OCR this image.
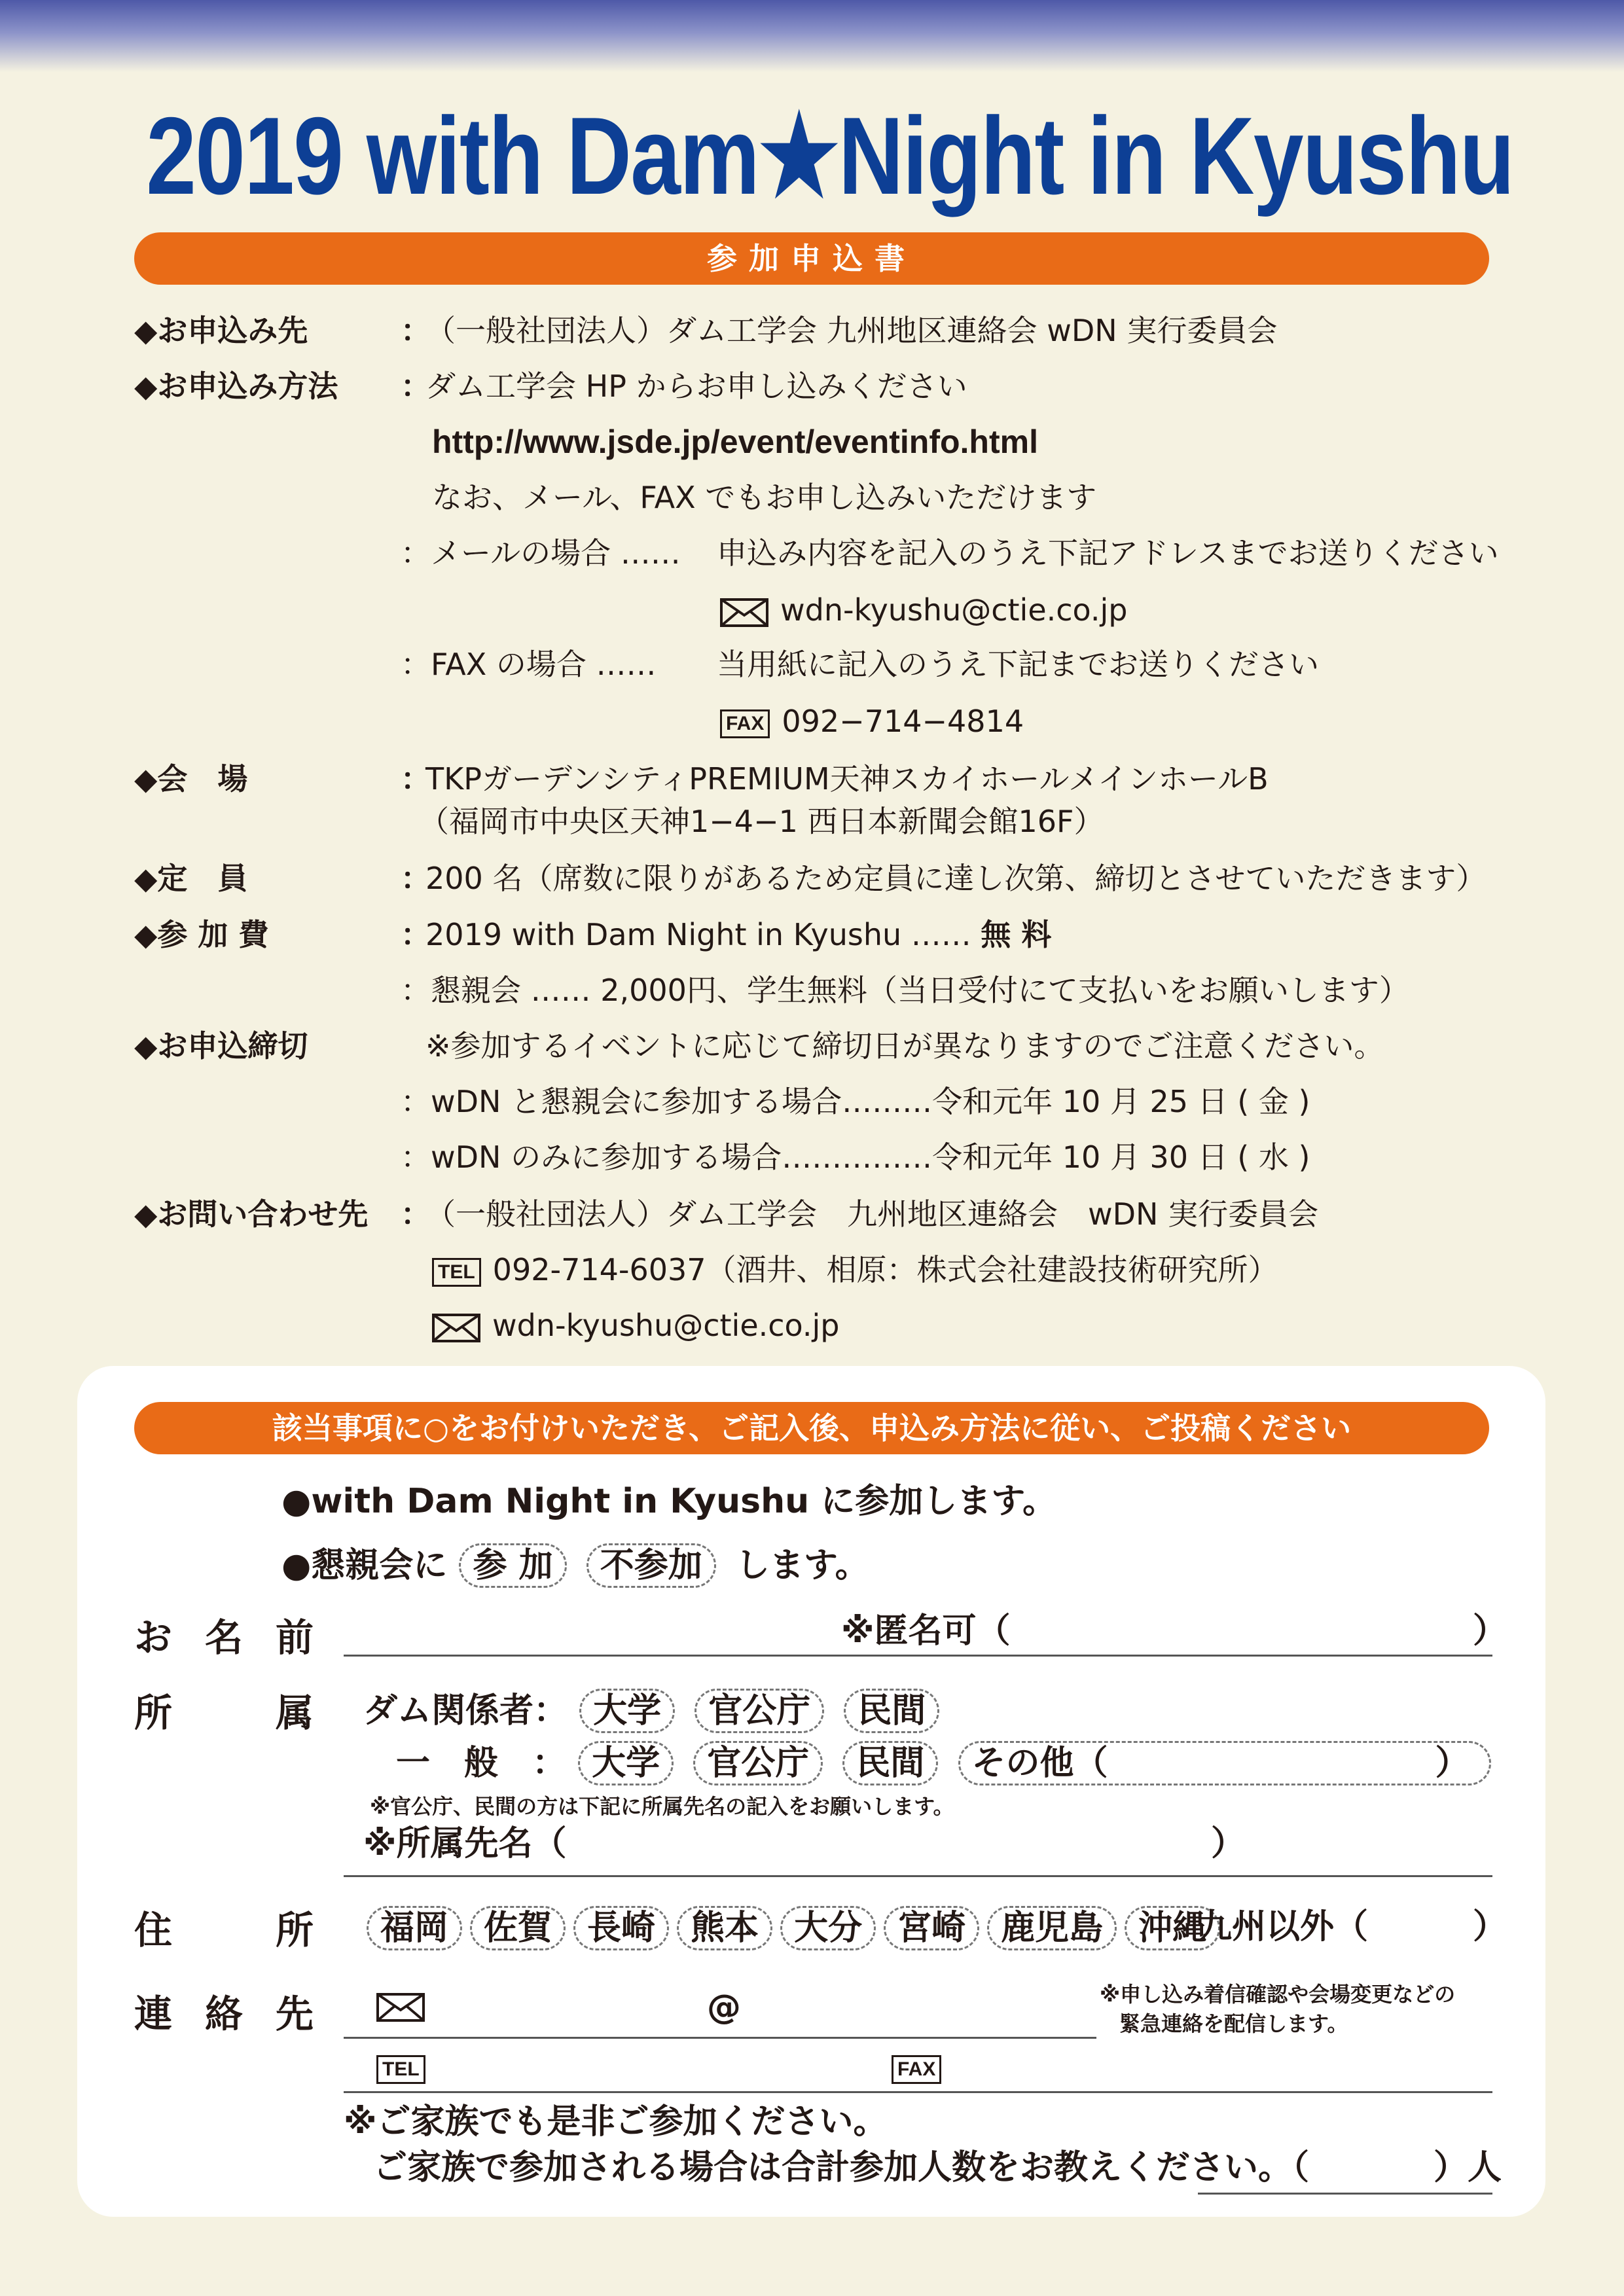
2019 with Dam★Night in Kyushu
参加申込書
◆お申込み先	：
（一般社団法人）ダム工学会 九州地区連絡会 wDN 実行委員会
◆お申込み方法 ：
ダム工学会 HP からお申し込みください
http://www.jsde.jp/event/eventinfo.html
なお、メール、FAX でもお申し込みいただけます
：メールの場合 …… 申込み内容を記入のうえ下記アドレスまでお送りください
wdn-kyushu@ctie.co.jp
：FAX の場合 …… 当用紙に記入のうえ下記までお送りください
FAX 092−714−4814
◆会　場	：
TKPガーデンシティPREMIUM天神スカイホールメインホールB
（福岡市中央区天神1−4−1 西日本新聞会館16F）
◆定　員	：
200 名（席数に限りがあるため定員に達し次第、締切とさせていただきます）
◆参 加 費	：
2019 with Dam Night in Kyushu …… 無 料
：懇親会 …… 2,000円、学生無料（当日受付にて支払いをお願いします）
◆お申込締切	※参加するイベントに応じて締切日が異なりますのでご注意ください。
：wDN と懇親会に参加する場合………令和元年 10 月 25 日 ( 金 )
：wDN のみに参加する場合……………令和元年 10 月 30 日 ( 水 )
◆お問い合わせ先 ：
（一般社団法人）ダム工学会　九州地区連絡会　wDN 実行委員会
TEL 092-714-6037（酒井、相原：株式会社建設技術研究所）
wdn-kyushu@ctie.co.jp
該当事項に○をお付けいただき、ご記入後、申込み方法に従い、ご投稿ください
●with Dam Night in Kyushu に参加します。
●懇親会に 参 加 不参加 します。
お名前	※匿名可（	）
所　属 ダム関係者： 大学 官公庁 民間
一　般　： 大学 官公庁 民間 その他（	）
※官公庁、民間の方は下記に所属先名の記入をお願いします。
※所属先名（	）
住　所 福岡 佐賀 長崎 熊本 大分 宮崎 鹿児島 沖縄
九州以外（	）
連絡先	@	※申し込み着信確認や会場変更などの
緊急連絡を配信します。
TEL	FAX
※ご家族でも是非ご参加ください。
ご家族で参加される場合は合計参加人数をお教えください。（	）人
